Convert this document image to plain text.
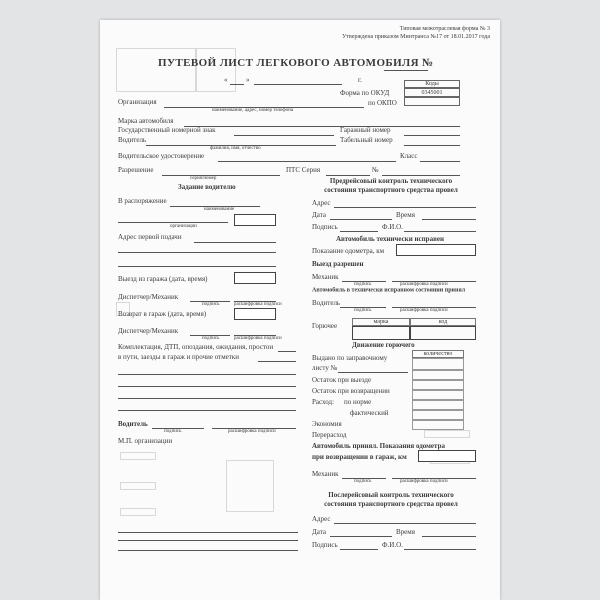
Типовая межотраслевая форма № 3
Утверждена приказом Минтранса №17 от 18.01.2017 года
ПУТЕВОЙ ЛИСТ ЛЕГКОВОГО АВТОМОБИЛЯ №
«	»	г.	Коды
0345001
Форма по ОКУД
по ОКПО
Организация
наименование, адрес, номер телефона
Марка автомобиля
Государственный номерной знак	Гаражный номер
Водитель	Табельный номер
фамилия, имя, отчество
Водительское удостоверение	Класс
Разрешение	ПТС Серия	№
серия/номер
Задание водителю
В распоряжение
наименование
организации
Адрес первой подачи
Выезд из гаража (дата, время)
Диспетчер/Механик
подпись	расшифровка подписи
Возврат в гараж (дата, время)
Диспетчер/Механик
подпись	расшифровка подписи
Комплектация, ДТП, опоздания, ожидания, простои
в пути, заезды в гараж и прочие отметки
Водитель
подпись	расшифровка подписи
М.П. организации
Предрейсовый контроль технического
состояния транспортного средства провел
Адрес
Дата	Время
Подпись	Ф.И.О.
Автомобиль технически исправен
Показание одометра, км
Выезд разрешен
Механик
подпись	расшифровка подписи
Автомобиль в технически исправном состоянии принял
Водитель
подпись	расшифровка подписи
Горючее	марка	код
Движение горючего
количество
Выдано по заправочному
листу №
Остаток при выезде
Остаток при возвращении
Расход: по норме
фактический
Экономия
Перерасход
Автомобиль принял. Показания одометра
при возвращении в гараж, км
Механик
подпись	расшифровка подписи
Послерейсовый контроль технического
состояния транспортного средства провел
Адрес
Дата	Время
Подпись	Ф.И.О.
